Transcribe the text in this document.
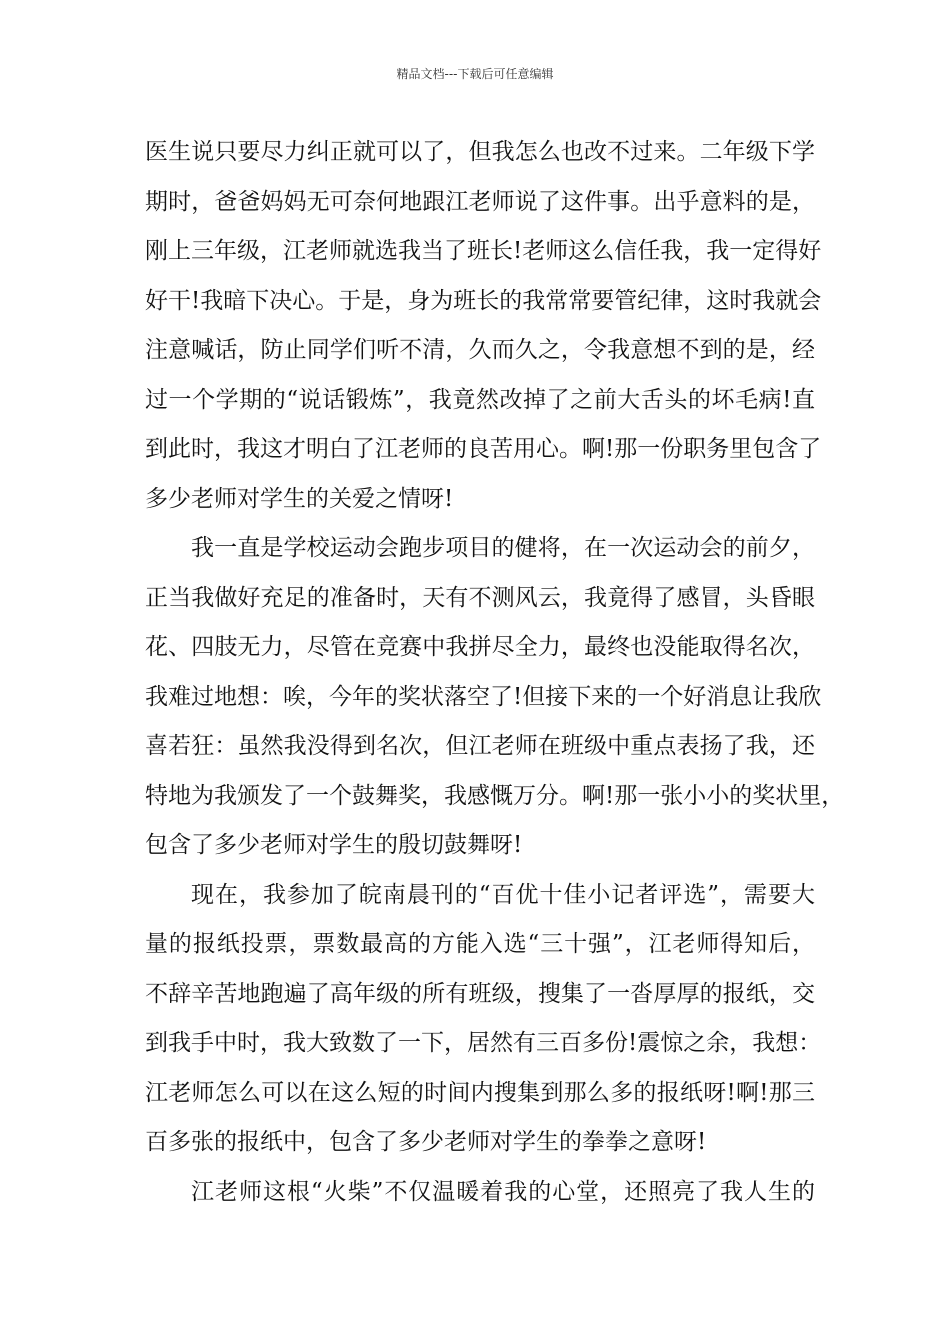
精品文档---下载后可任意编辑
医生说只要尽力纠正就可以了，但我怎么也改不过来。二年级下学
期时，爸爸妈妈无可奈何地跟江老师说了这件事。出乎意料的是，
刚上三年级，江老师就选我当了班长!老师这么信任我，我一定得好
好干!我暗下决心。于是，身为班长的我常常要管纪律，这时我就会
注意喊话，防止同学们听不清，久而久之，令我意想不到的是，经
过一个学期的“说话锻炼”，我竟然改掉了之前大舌头的坏毛病!直
到此时，我这才明白了江老师的良苦用心。啊!那一份职务里包含了
多少老师对学生的关爱之情呀!
我一直是学校运动会跑步项目的健将，在一次运动会的前夕，
正当我做好充足的准备时，天有不测风云，我竟得了感冒，头昏眼
花、四肢无力，尽管在竞赛中我拼尽全力，最终也没能取得名次，
我难过地想：唉，今年的奖状落空了!但接下来的一个好消息让我欣
喜若狂：虽然我没得到名次，但江老师在班级中重点表扬了我，还
特地为我颁发了一个鼓舞奖，我感慨万分。啊!那一张小小的奖状里，
包含了多少老师对学生的殷切鼓舞呀!
现在，我参加了皖南晨刊的“百优十佳小记者评选”，需要大
量的报纸投票，票数最高的方能入选“三十强”，江老师得知后，
不辞辛苦地跑遍了高年级的所有班级，搜集了一沓厚厚的报纸，交
到我手中时，我大致数了一下，居然有三百多份!震惊之余，我想：
江老师怎么可以在这么短的时间内搜集到那么多的报纸呀!啊!那三
百多张的报纸中，包含了多少老师对学生的拳拳之意呀!
江老师这根“火柴”不仅温暖着我的心堂，还照亮了我人生的
